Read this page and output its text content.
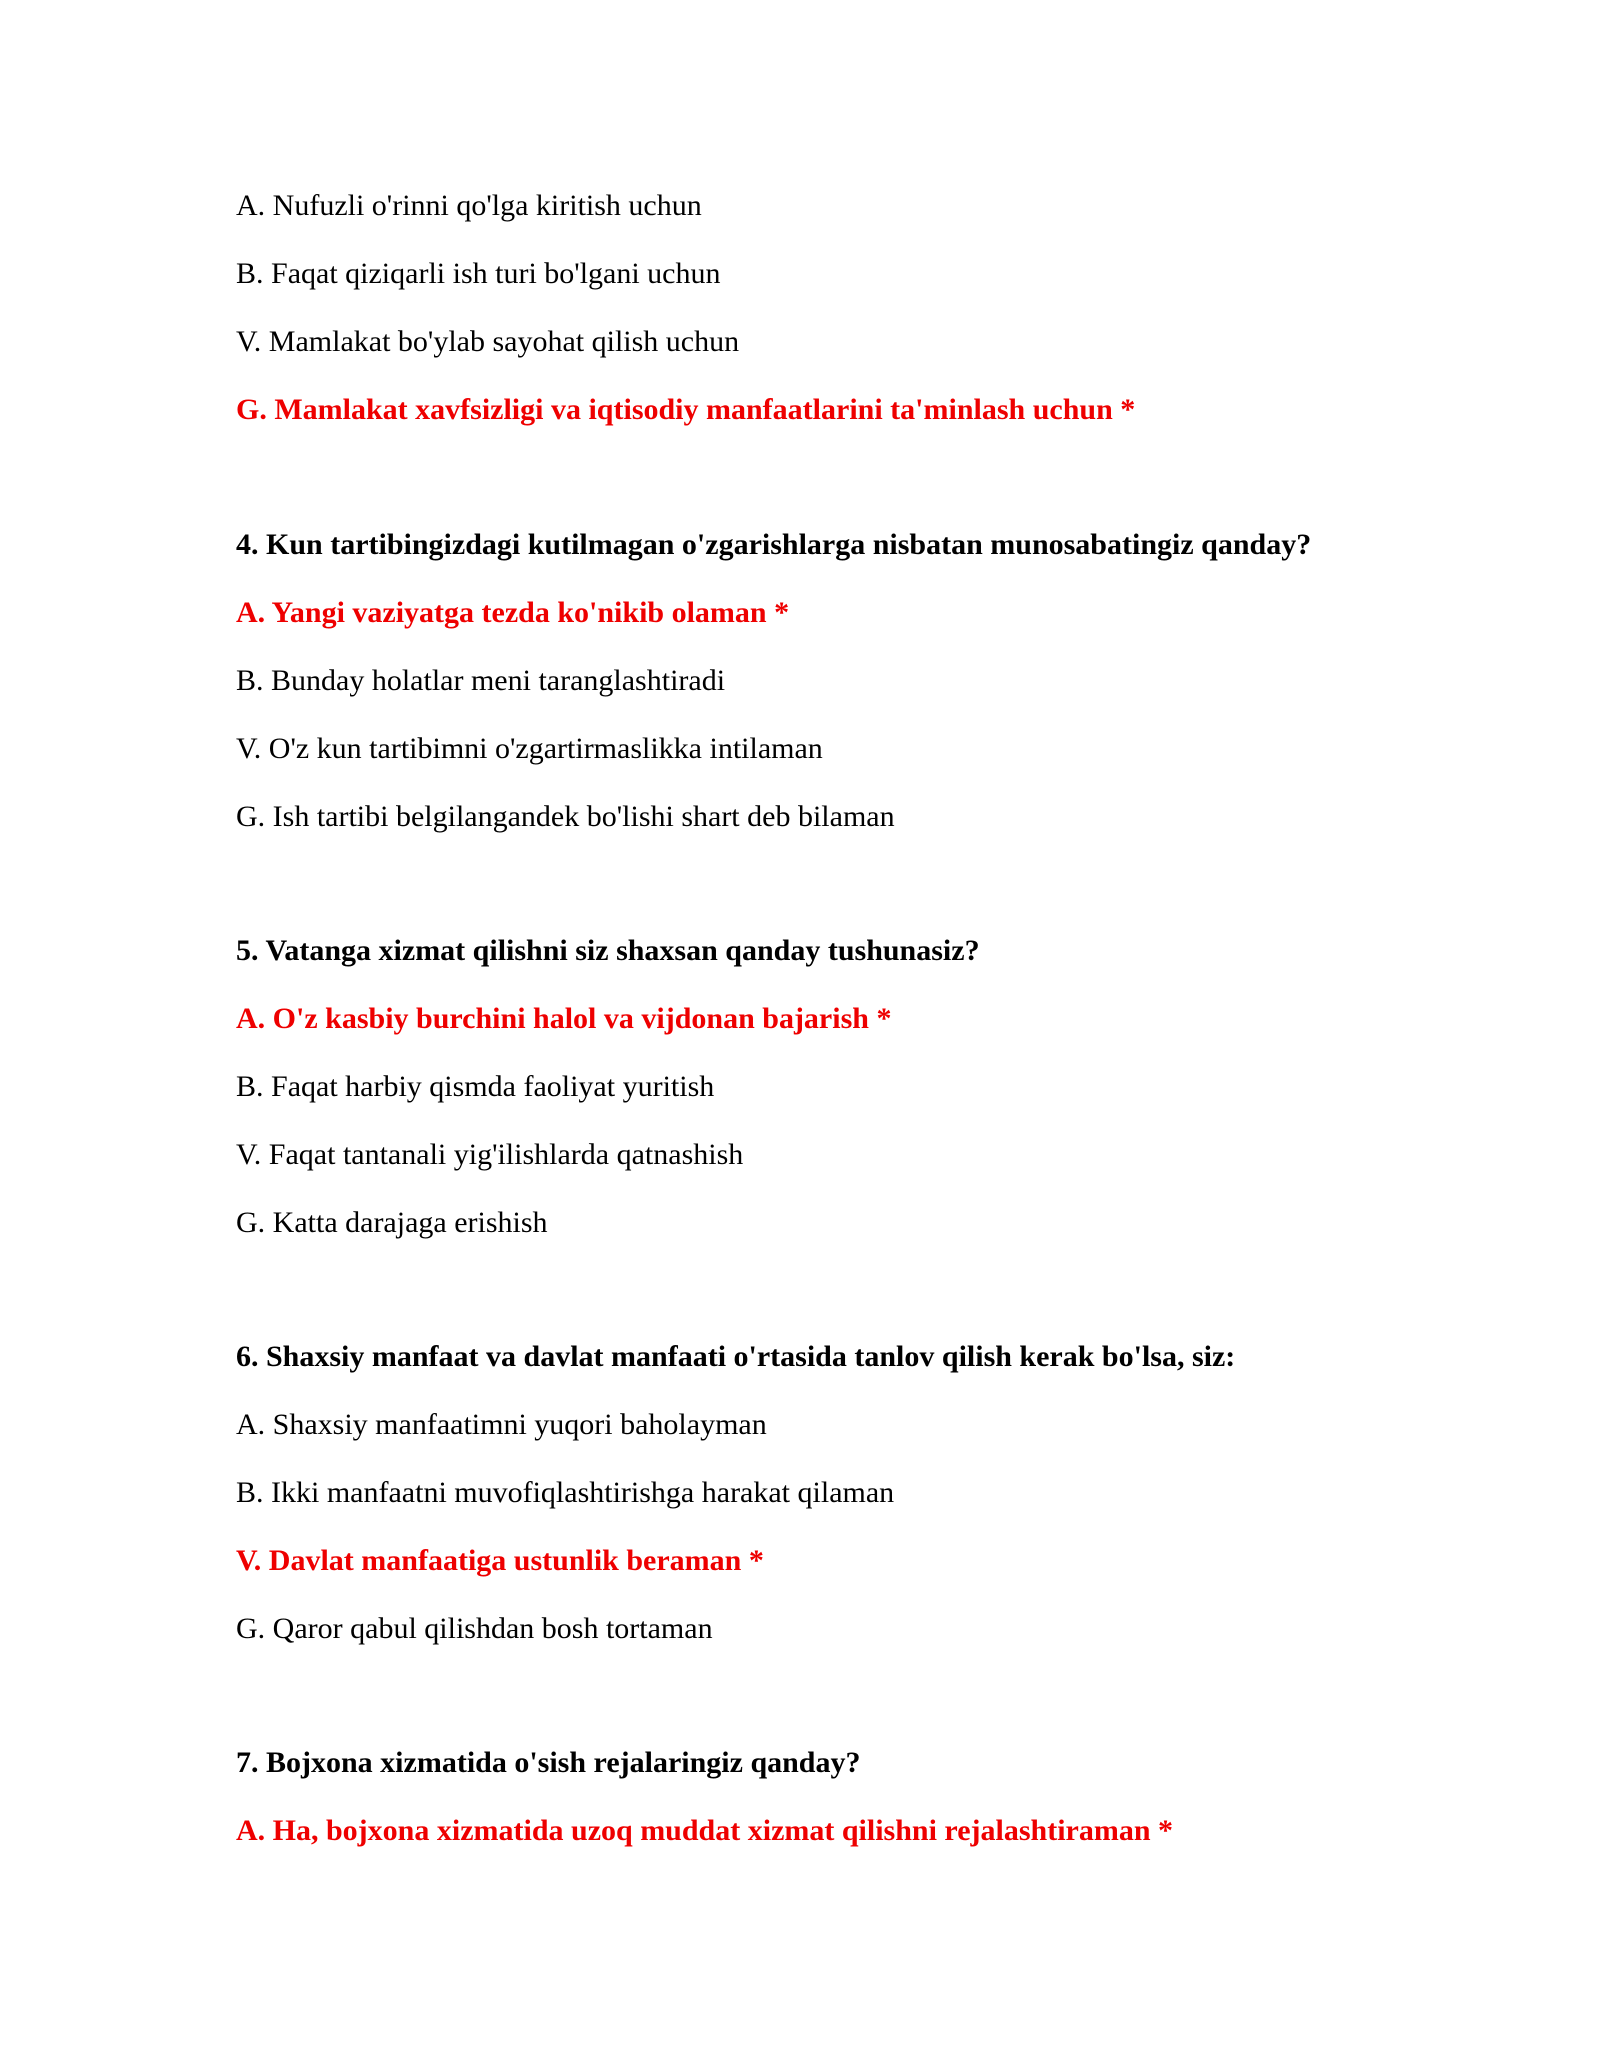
A. Nufuzli o'rinni qo'lga kiritish uchun
B. Faqat qiziqarli ish turi bo'lgani uchun
V. Mamlakat bo'ylab sayohat qilish uchun
G. Mamlakat xavfsizligi va iqtisodiy manfaatlarini ta'minlash uchun *
4. Kun tartibingizdagi kutilmagan o'zgarishlarga nisbatan munosabatingiz qanday?
A. Yangi vaziyatga tezda ko'nikib olaman *
B. Bunday holatlar meni taranglashtiradi
V. O'z kun tartibimni o'zgartirmaslikka intilaman
G. Ish tartibi belgilangandek bo'lishi shart deb bilaman
5. Vatanga xizmat qilishni siz shaxsan qanday tushunasiz?
A. O'z kasbiy burchini halol va vijdonan bajarish *
B. Faqat harbiy qismda faoliyat yuritish
V. Faqat tantanali yig'ilishlarda qatnashish
G. Katta darajaga erishish
6. Shaxsiy manfaat va davlat manfaati o'rtasida tanlov qilish kerak bo'lsa, siz:
A. Shaxsiy manfaatimni yuqori baholayman
B. Ikki manfaatni muvofiqlashtirishga harakat qilaman
V. Davlat manfaatiga ustunlik beraman *
G. Qaror qabul qilishdan bosh tortaman
7. Bojxona xizmatida o'sish rejalaringiz qanday?
A. Ha, bojxona xizmatida uzoq muddat xizmat qilishni rejalashtiraman *
